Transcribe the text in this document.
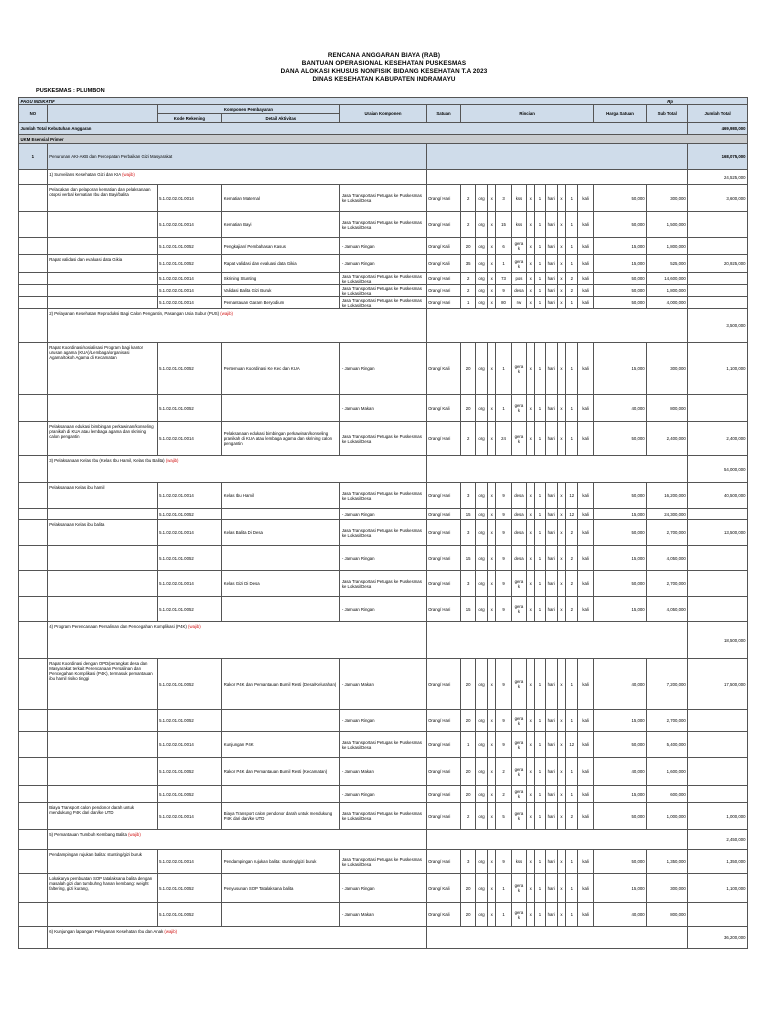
RENCANA ANGGARAN BIAYA (RAB)
BANTUAN OPERASIONAL KESEHATAN PUSKESMAS
DANA ALOKASI KHUSUS NONFISIK BIDANG KESEHATAN T.A 2023
DINAS KESEHATAN KABUPATEN INDRAMAYU
PUSKESMAS : PLUMBON
PAGU INDIKATIF																	Rp		
NO		Komponen Pembayaran		Uraian Komponen	Satuan	Rincian											Harga Satuan	Sub Total	Jumlah Total
		Kode Rekening	Detail Aktivitas																
Jumlah Total Kebutuhan Anggaran																			469,980,000
UKM Esensial Primer																			
1	Penurunan AKI-AKB dan Percepatan Perbaikan Gizi Masyarakat																		168,075,000
	1) Surveilans Kesehatan Gizi dan KIA (wajib)																		24,525,000
	Pelacakan dan pelaporan kematian dan pelaksanaan otopsi verbal kematian Ibu dan Bayi/balita	5.1.02.02.01.0014	Kematian Maternal	Jasa Transportasi Petugas ke Puskesmas ke Lokasi/Desa	Orang/ Hari	2	org	x	3	kss	x	1	hari	x	1	kali	50,000	300,000	3,600,000
		5.1.02.02.01.0014	Kematian Bayi	Jasa Transportasi Petugas ke Puskesmas ke Lokasi/Desa	Orang/ Hari	2	org	x	15	kss	x	1	hari	x	1	kali	50,000	1,500,000	
		5.1.02.01.01.0052	Pengkajian/ Pembahasan Kasus	- Jamuan Ringan	Orang/ Kali	20	org	x	6	gera k	x	1	hari	x	1	kali	15,000	1,800,000	
	Rapat validasi dan evaluasi data Gikia	5.1.02.01.01.0052	Rapat validasi dan evaluasi data Gikia	- Jamuan Ringan	Orang/ Kali	35	org	x	1	gera k	x	1	hari	x	1	kali	15,000	525,000	20,925,000
		5.1.02.02.01.0014	Skrining Stunting	Jasa Transportasi Petugas ke Puskesmas ke Lokasi/Desa	Orang/ Hari	2	org	x	73	pos	x	1	hari	x	2	kali	50,000	14,600,000	
		5.1.02.02.01.0014	Validasi Balita Gizi Buruk	Jasa Transportasi Petugas ke Puskesmas ke Lokasi/Desa	Orang/ Hari	2	org	x	9	desa	x	1	hari	x	2	kali	50,000	1,800,000	
		5.1.02.02.01.0014	Pemantauan Garam Beryodium	Jasa Transportasi Petugas ke Puskesmas ke Lokasi/Desa	Orang/ Hari	1	org	x	80	rw	x	1	hari	x	1	kali	50,000	4,000,000	
	2) Pelayanan Kesehatan Reproduksi Bagi Calon Pengantin, Pasangan Usia Subur (PUS) (wajib)																		3,500,000
	Rapat Koordinasi/sosialisasi Program bagi kantor urusan agama (KUA)/Lembaga/organisasi Agama/tokoh Agama di Kecamatan	5.1.02.01.01.0052	Pertemuan Koordinasi Ke Kec dan KUA	- Jamuan Ringan	Orang/ Kali	20	org	x	1	gera k	x	1	hari	x	1	kali	15,000	300,000	1,100,000
		5.1.02.01.01.0052		- Jamuan Makan	Orang/ Kali	20	org	x	1	gera k	x	1	hari	x	1	kali	40,000	800,000	
	Pelaksanaan edukasi bimbingan perkawinan/konseling pranikah di KUA atau lembaga agama dan skrining calon pengantin	5.1.02.02.01.0014	Pelaksanaan edukasi bimbingan perkawinan/konseling pranikah di KUA atau lembaga agama dan skrining calon pengantin	Jasa Transportasi Petugas ke Puskesmas ke Lokasi/Desa	Orang/ Hari	2	org	x	24	gera k	x	1	hari	x	1	kali	50,000	2,400,000	2,400,000
	3) Pelaksanaan Kelas Ibu (Kelas Ibu Hamil, Kelas Ibu Balita) (wajib)																		54,000,000
	Pelaksanaan Kelas ibu hamil	5.1.02.02.01.0014	Kelas Ibu Hamil	Jasa Transportasi Petugas ke Puskesmas ke Lokasi/Desa	Orang/ Hari	3	org	x	9	desa	x	1	hari	x	12	kali	50,000	16,200,000	40,500,000
		5.1.02.01.01.0052		- Jamuan Ringan	Orang/ Hari	15	org	x	9	desa	x	1	hari	x	12	kali	15,000	24,300,000	
	Pelaksanaan Kelas ibu balita	5.1.02.02.01.0014	Kelas Balita Di Desa	Jasa Transportasi Petugas ke Puskesmas ke Lokasi/Desa	Orang/ Hari	3	org	x	9	desa	x	1	hari	x	2	kali	50,000	2,700,000	13,500,000
		5.1.02.01.01.0052		- Jamuan Ringan	Orang/ Hari	15	org	x	9	desa	x	1	hari	x	2	kali	15,000	4,050,000	
		5.1.02.02.01.0014	Kelas Gizi Di Desa	Jasa Transportasi Petugas ke Puskesmas ke Lokasi/Desa	Orang/ Hari	3	org	x	9	gera k	x	1	hari	x	2	kali	50,000	2,700,000	
		5.1.02.01.01.0052		- Jamuan Ringan	Orang/ Hari	15	org	x	9	gera k	x	1	hari	x	2	kali	15,000	4,050,000	
	4) Program Perencanaan Persalinan dan Pencegahan Komplikasi (P4K) (wajib)																		18,500,000
	Rapat Koordinasi dengan OPD/perangkat desa dan Masyarakat terkait Perencanaan Persalinan dan Pencegahan Komplikasi (P4K), termasuk pemantauan ibu hamil risiko tinggi	5.1.02.01.01.0052	Rakor P4K dan Pemantauan Bumil Resti (Desa/Kelurahan)	- Jamuan Makan	Orang/ Hari	20	org	x	9	gera k	x	1	hari	x	1	kali	40,000	7,200,000	17,500,000
		5.1.02.01.01.0052		- Jamuan Ringan	Orang/ Hari	20	org	x	9	gera k	x	1	hari	x	1	kali	15,000	2,700,000	
		5.1.02.02.01.0014	Kunjungan P4K	Jasa Transportasi Petugas ke Puskesmas ke Lokasi/Desa	Orang/ Hari	1	org	x	9	gera k	x	1	hari	x	12	kali	50,000	5,400,000	
		5.1.02.01.01.0052	Rakor P4K dan Pemantauan Bumil Resti (Kecamatan)	- Jamuan Makan	Orang/ Hari	20	org	x	2	gera k	x	1	hari	x	1	kali	40,000	1,600,000	
		5.1.02.01.01.0052		- Jamuan Ringan	Orang/ Hari	20	org	x	2	gera k	x	1	hari	x	1	kali	15,000	600,000	
	Biaya Transport calon pendonor darah untuk mendukung P4K dari dan/ke UTD	5.1.02.02.01.0014	Biaya Transport calon pendonor darah untuk mendukung P4K dari dan/ke UTD	Jasa Transportasi Petugas ke Puskesmas ke Lokasi/Desa	Orang/ Hari	2	org	x	5	gera k	x	1	hari	x	2	kali	50,000	1,000,000	1,000,000
	5) Pemantauan Tumbuh Kembang Balita (wajib)																		2,450,000
	Pendampingan rujukan balita: stunting/gizi buruk	5.1.02.02.01.0014	Pendampingan rujukan balita: stunting/gizi buruk	Jasa Transportasi Petugas ke Puskesmas ke Lokasi/Desa	Orang/ Hari	3	org	x	9	kss	x	1	hari	x	1	kali	50,000	1,350,000	1,350,000
	Lokakarya pembuatan SOP tatalaksana balita dengan masalah gizi dan tumbuhng hanan kembang: weight faltering, gizi kurang,	5.1.02.01.01.0052	Penyusunan SOP Tatalaksana balita	- Jamuan Ringan	Orang/ Kali	20	org	x	1	gera k	x	1	hari	x	1	kali	15,000	300,000	1,100,000
		5.1.02.01.01.0052		- Jamuan Makan	Orang/ Kali	20	org	x	1	gera k	x	1	hari	x	1	kali	40,000	800,000	
	6) Kunjungan lapangan Pelayanan Kesehatan Ibu dan Anak (wajib)																		36,200,000
